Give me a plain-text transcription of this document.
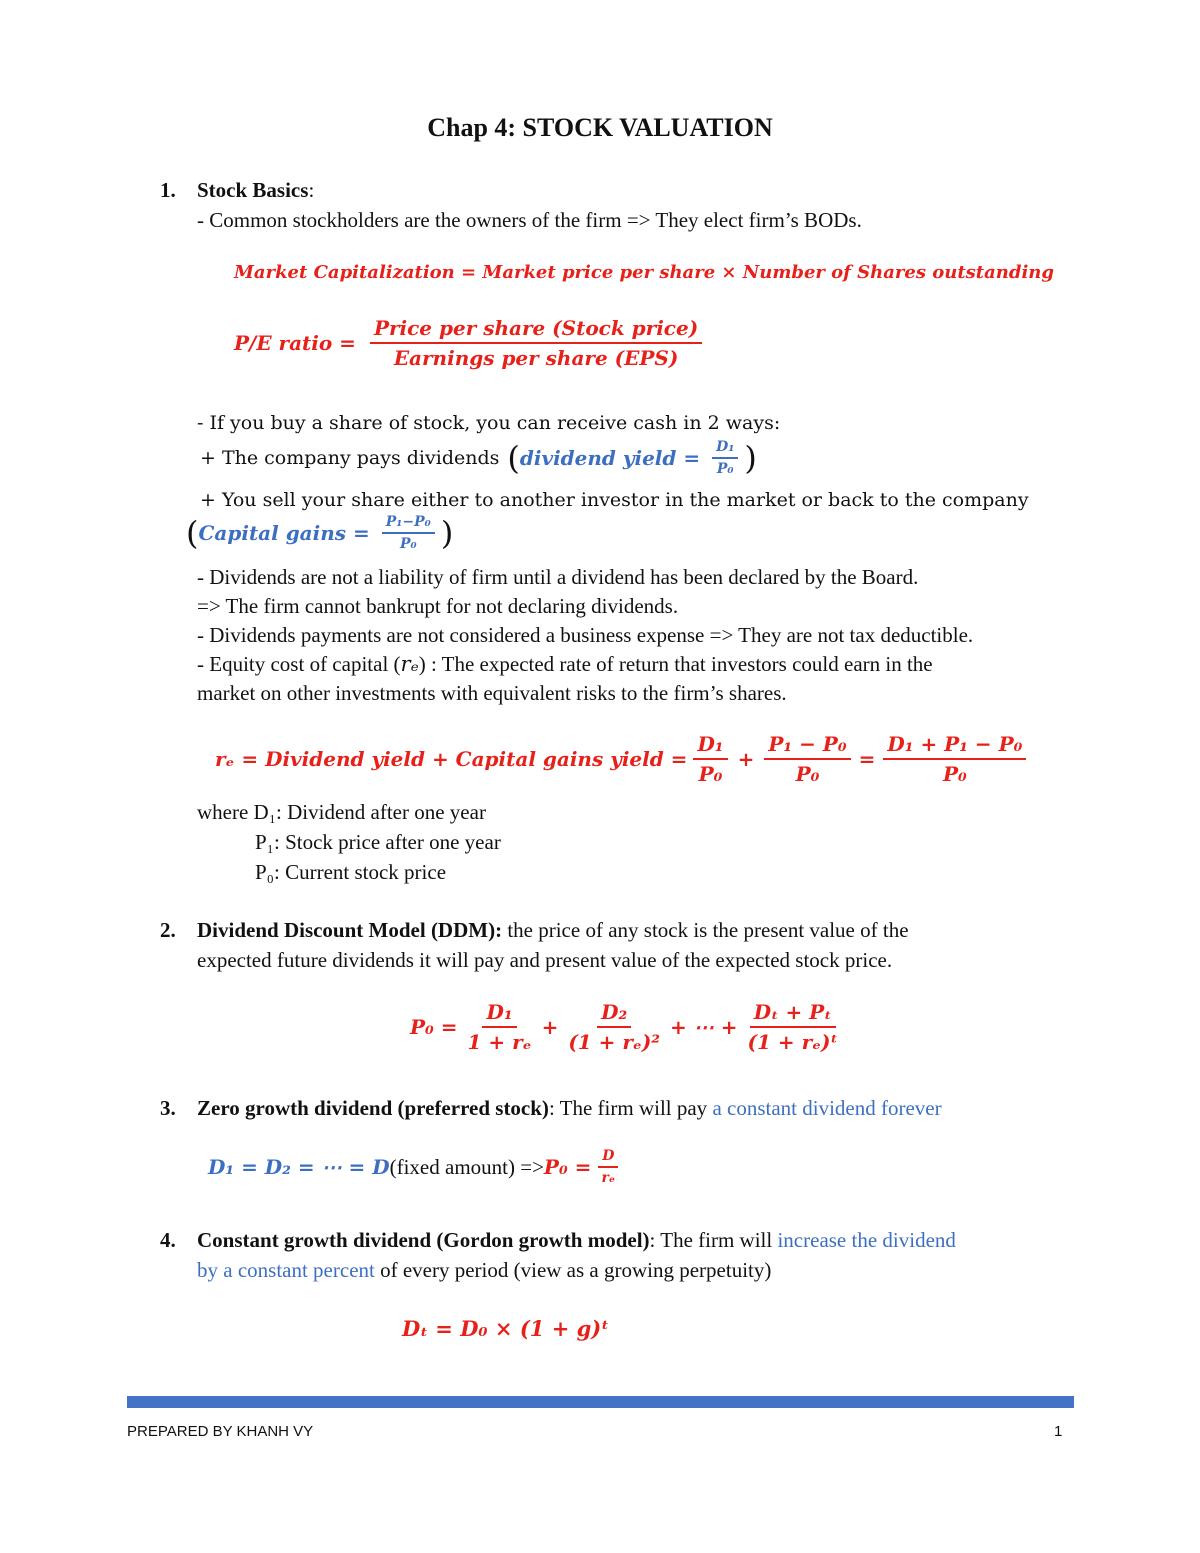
Chap 4: STOCK VALUATION
1. Stock Basics:
- Common stockholders are the owners of the firm => They elect firm’s BODs.
Market Capitalization = Market price per share × Number of Shares outstanding
P/E ratio = $\frac{\text{Price per share (Stock price)}}{\text{Earnings per share (EPS)}}$
- If you buy a share of stock, you can receive cash in 2 ways:
+ The company pays dividends ( dividend yield = $\frac{\text{D₁}}{\text{P₀}}$ )
+ You sell your share either to another investor in the market or back to the company
( Capital gains = $\frac{\text{P₁−P₀}}{\text{P₀}}$ )
- Dividends are not a liability of firm until a dividend has been declared by the Board.
=> The firm cannot bankrupt for not declaring dividends.
- Dividends payments are not considered a business expense => They are not tax deductible.
- Equity cost of capital (rₑ) : The expected rate of return that investors could earn in the
market on other investments with equivalent risks to the firm’s shares.
rₑ = Dividend yield + Capital gains yield = $\frac{\text{D₁}}{\text{P₀}} + \frac{\text{P₁ − P₀}}{\text{P₀}} = \frac{\text{D₁ + P₁ − P₀}}{\text{P₀}}$
where D₁: Dividend after one year
P₁: Stock price after one year
P₀: Current stock price
2. Dividend Discount Model (DDM): the price of any stock is the present value of the
expected future dividends it will pay and present value of the expected stock price.
$P_0 = \frac{\text{D₁}}{\text{1 + rₑ}} + \frac{\text{D₂}}{\text{(1 + rₑ)²}}$ + ⋯ + $\frac{\text{Dₜ + Pₜ}}{\text{(1 + rₑ)ᵗ}}$
3. Zero growth dividend (preferred stock): The firm will pay a constant dividend forever
D₁ = D₂ = ⋯ = D (fixed amount) => $P_0 = \frac{D}{\text{rₑ}}$
4. Constant growth dividend (Gordon growth model): The firm will increase the dividend
by a constant percent of every period (view as a growing perpetuity)
Dₜ = D₀ × (1 + g)ᵗ
PREPARED BY KHANH VY	1
